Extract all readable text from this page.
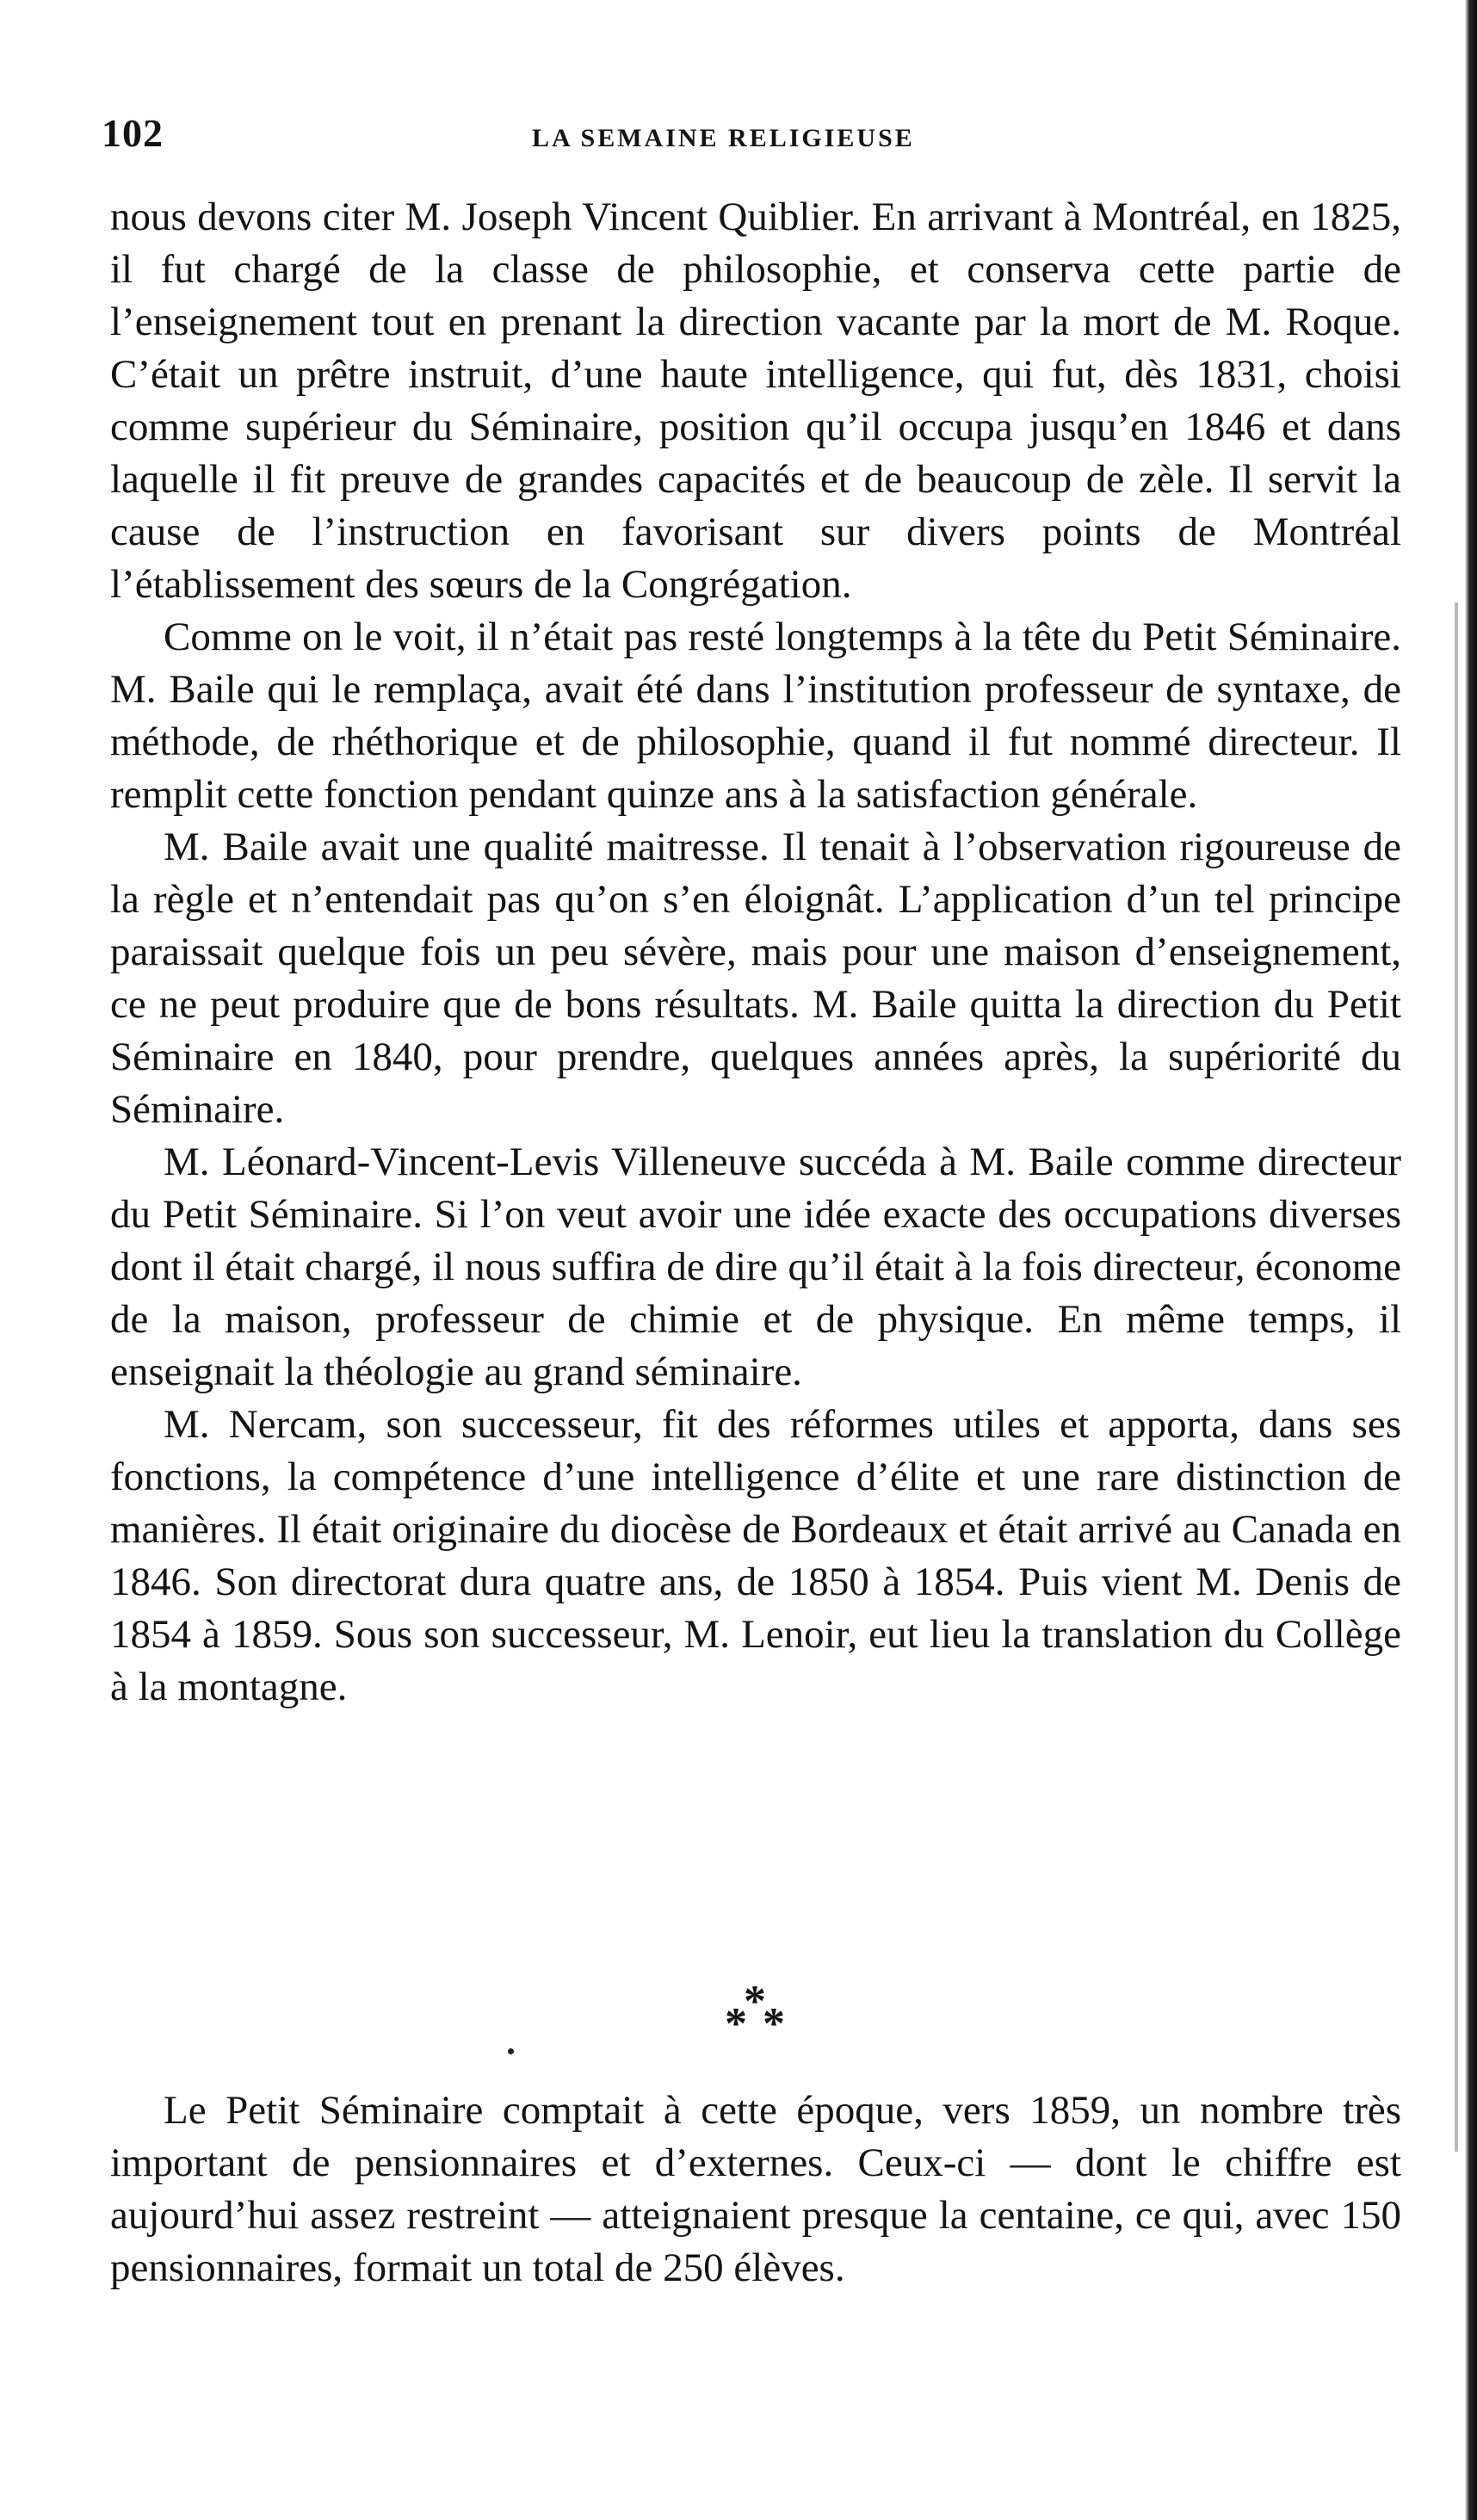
102	LA SEMAINE RELIGIEUSE

nous devons citer M. Joseph Vincent Quiblier. En arrivant à Montréal, en 1825, il fut chargé de la classe de philosophie, et conserva cette partie de l’enseignement tout en prenant la direction vacante par la mort de M. Roque. C’était un prêtre instruit, d’une haute intelligence, qui fut, dès 1831, choisi comme supérieur du Séminaire, position qu’il occupa jusqu’en 1846 et dans laquelle il fit preuve de grandes capacités et de beaucoup de zèle. Il servit la cause de l’instruction en favorisant sur divers points de Montréal l’établissement des sœurs de la Congrégation.

Comme on le voit, il n’était pas resté longtemps à la tête du Petit Séminaire. M. Baile qui le remplaça, avait été dans l’institution professeur de syntaxe, de méthode, de rhéthorique et de philosophie, quand il fut nommé directeur. Il remplit cette fonction pendant quinze ans à la satisfaction générale.

M. Baile avait une qualité maitresse. Il tenait à l’observation rigoureuse de la règle et n’entendait pas qu’on s’en éloignât. L’application d’un tel principe paraissait quelque fois un peu sévère, mais pour une maison d’enseignement, ce ne peut produire que de bons résultats. M. Baile quitta la direction du Petit Séminaire en 1840, pour prendre, quelques années après, la supériorité du Séminaire.

M. Léonard-Vincent-Levis Villeneuve succéda à M. Baile comme directeur du Petit Séminaire. Si l’on veut avoir une idée exacte des occupations diverses dont il était chargé, il nous suffira de dire qu’il était à la fois directeur, économe de la maison, professeur de chimie et de physique. En même temps, il enseignait la théologie au grand séminaire.

M. Nercam, son successeur, fit des réformes utiles et apporta, dans ses fonctions, la compétence d’une intelligence d’élite et une rare distinction de manières. Il était originaire du diocèse de Bordeaux et était arrivé au Canada en 1846. Son directorat dura quatre ans, de 1850 à 1854. Puis vient M. Denis de 1854 à 1859. Sous son successeur, M. Lenoir, eut lieu la translation du Collège à la montagne.

*
* *

Le Petit Séminaire comptait à cette époque, vers 1859, un nombre très important de pensionnaires et d’externes. Ceux-ci — dont le chiffre est aujourd’hui assez restreint — atteignaient presque la centaine, ce qui, avec 150 pensionnaires, formait un total de 250 élèves.
